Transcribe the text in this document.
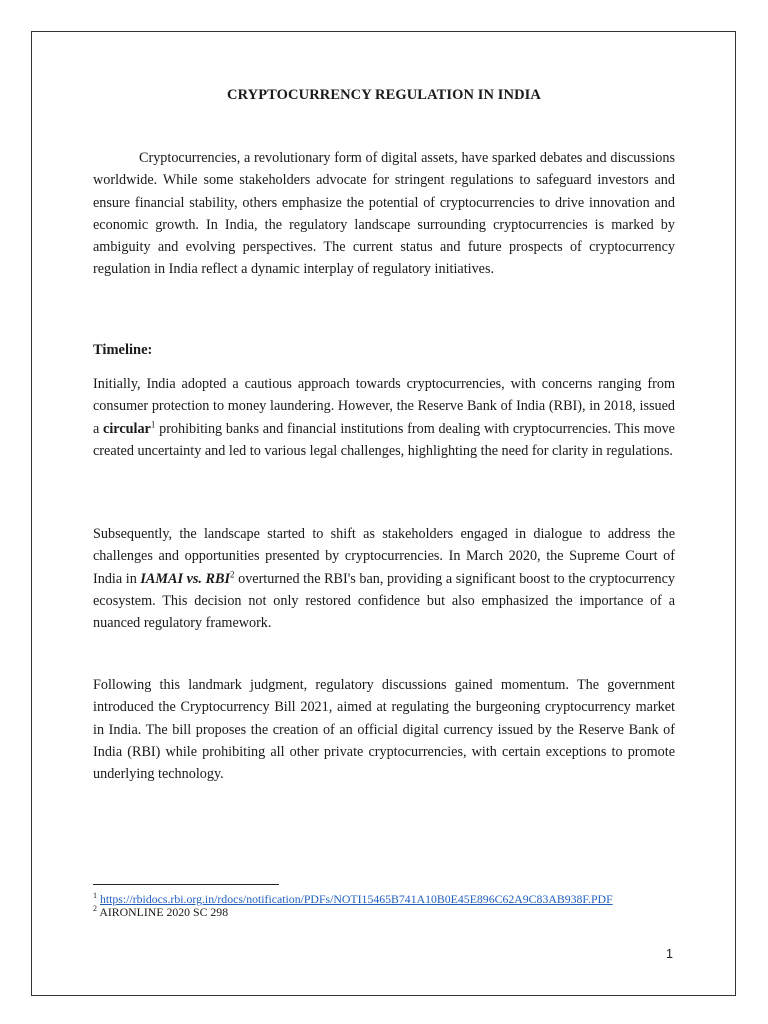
CRYPTOCURRENCY REGULATION IN INDIA

Cryptocurrencies, a revolutionary form of digital assets, have sparked debates and discussions worldwide. While some stakeholders advocate for stringent regulations to safeguard investors and ensure financial stability, others emphasize the potential of cryptocurrencies to drive innovation and economic growth. In India, the regulatory landscape surrounding cryptocurrencies is marked by ambiguity and evolving perspectives. The current status and future prospects of cryptocurrency regulation in India reflect a dynamic interplay of regulatory initiatives.

Timeline:

Initially, India adopted a cautious approach towards cryptocurrencies, with concerns ranging from consumer protection to money laundering. However, the Reserve Bank of India (RBI), in 2018, issued a circular$^1$ prohibiting banks and financial institutions from dealing with cryptocurrencies. This move created uncertainty and led to various legal challenges, highlighting the need for clarity in regulations.

Subsequently, the landscape started to shift as stakeholders engaged in dialogue to address the challenges and opportunities presented by cryptocurrencies. In March 2020, the Supreme Court of India in IAMAI vs. RBI$^2$ overturned the RBI's ban, providing a significant boost to the cryptocurrency ecosystem. This decision not only restored confidence but also emphasized the importance of a nuanced regulatory framework.

Following this landmark judgment, regulatory discussions gained momentum. The government introduced the Cryptocurrency Bill 2021, aimed at regulating the burgeoning cryptocurrency market in India. The bill proposes the creation of an official digital currency issued by the Reserve Bank of India (RBI) while prohibiting all other private cryptocurrencies, with certain exceptions to promote underlying technology.

$^1$ https://rbidocs.rbi.org.in/rdocs/notification/PDFs/NOTI15465B741A10B0E45E896C62A9C83AB938F.PDF
$^2$ AIRONLINE 2020 SC 298
1
